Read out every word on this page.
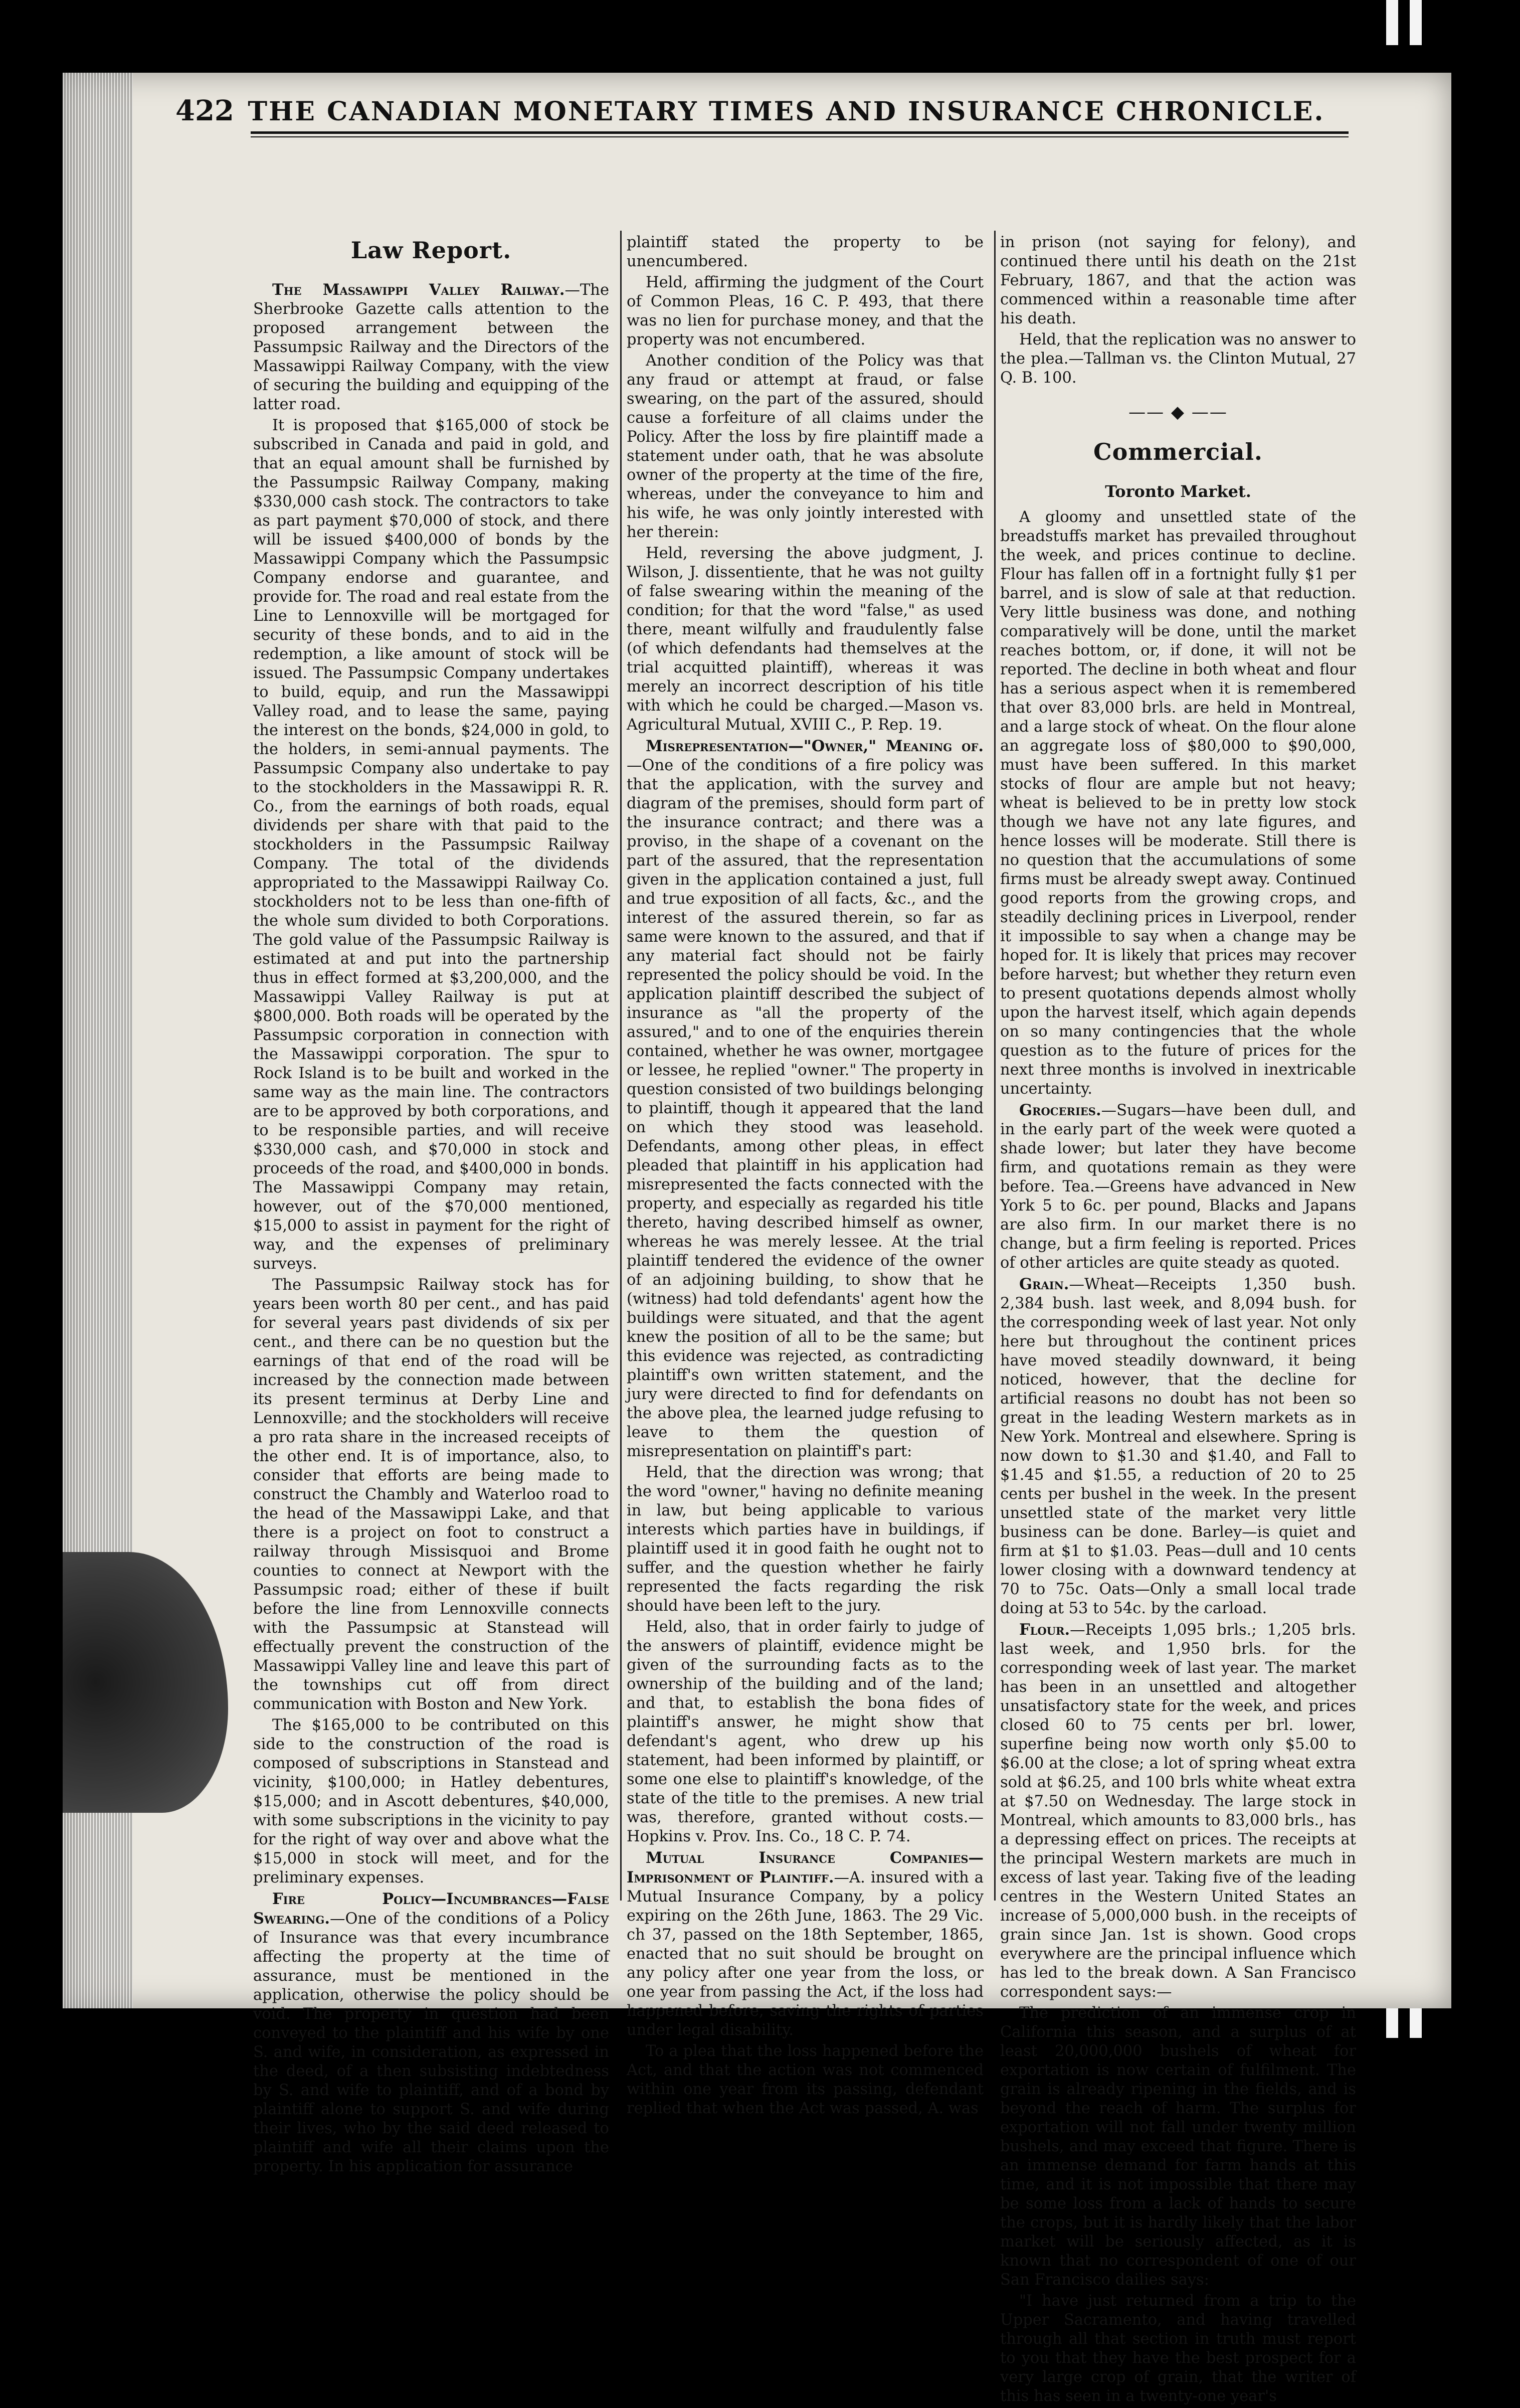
422 THE CANADIAN MONETARY TIMES AND INSURANCE CHRONICLE.
Law Report.

The Massawippi Valley Railway.—The Sherbrooke Gazette calls attention to the proposed arrangement between the Passumpsic Railway and the Directors of the Massawippi Railway Company, with the view of securing the building and equipping of the latter road.

It is proposed that $165,000 of stock be subscribed in Canada and paid in gold, and that an equal amount shall be furnished by the Passumpsic Railway Company, making $330,000 cash stock. The contractors to take as part payment $70,000 of stock, and there will be issued $400,000 of bonds by the Massawippi Company which the Passumpsic Company endorse and guarantee, and provide for. The road and real estate from the Line to Lennoxville will be mortgaged for security of these bonds, and to aid in the redemption, a like amount of stock will be issued. The Passumpsic Company undertakes to build, equip, and run the Massawippi Valley road, and to lease the same, paying the interest on the bonds, $24,000 in gold, to the holders, in semi-annual payments. The Passumpsic Company also undertake to pay to the stockholders in the Massawippi R. R. Co., from the earnings of both roads, equal dividends per share with that paid to the stockholders in the Passumpsic Railway Company. The total of the dividends appropriated to the Massawippi Railway Co. stockholders not to be less than one-fifth of the whole sum divided to both Corporations. The gold value of the Passumpsic Railway is estimated at and put into the partnership thus in effect formed at $3,200,000, and the Massawippi Valley Railway is put at $800,000. Both roads will be operated by the Passumpsic corporation in connection with the Massawippi corporation. The spur to Rock Island is to be built and worked in the same way as the main line. The contractors are to be approved by both corporations, and to be responsible parties, and will receive $330,000 cash, and $70,000 in stock and proceeds of the road, and $400,000 in bonds. The Massawippi Company may retain, however, out of the $70,000 mentioned, $15,000 to assist in payment for the right of way, and the expenses of preliminary surveys.

The Passumpsic Railway stock has for years been worth 80 per cent., and has paid for several years past dividends of six per cent., and there can be no question but the earnings of that end of the road will be increased by the connection made between its present terminus at Derby Line and Lennoxville; and the stockholders will receive a pro rata share in the increased receipts of the other end. It is of importance, also, to consider that efforts are being made to construct the Chambly and Waterloo road to the head of the Massawippi Lake, and that there is a project on foot to construct a railway through Missisquoi and Brome counties to connect at Newport with the Passumpsic road; either of these if built before the line from Lennoxville connects with the Passumpsic at Stanstead will effectually prevent the construction of the Massawippi Valley line and leave this part of the townships cut off from direct communication with Boston and New York.

The $165,000 to be contributed on this side to the construction of the road is composed of subscriptions in Stanstead and vicinity, $100,000; in Hatley debentures, $15,000; and in Ascott debentures, $40,000, with some subscriptions in the vicinity to pay for the right of way over and above what the $15,000 in stock will meet, and for the preliminary expenses.

Fire Policy—Incumbrances—False Swearing.—One of the conditions of a Policy of Insurance was that every incumbrance affecting the property at the time of assurance, must be mentioned in the application, otherwise the policy should be void. The property in question had been conveyed to the plaintiff and his wife by one S. and wife, in consideration, as expressed in the deed, of a then subsisting indebtedness by S. and wife to plaintiff, and of a bond by plaintiff alone to support S. and wife during their lives, who by the said deed released to plaintiff and wife all their claims upon the property. In his application for assurance

plaintiff stated the property to be unencumbered.

Held, affirming the judgment of the Court of Common Pleas, 16 C. P. 493, that there was no lien for purchase money, and that the property was not encumbered.

Another condition of the Policy was that any fraud or attempt at fraud, or false swearing, on the part of the assured, should cause a forfeiture of all claims under the Policy. After the loss by fire plaintiff made a statement under oath, that he was absolute owner of the property at the time of the fire, whereas, under the conveyance to him and his wife, he was only jointly interested with her therein:

Held, reversing the above judgment, J. Wilson, J. dissentiente, that he was not guilty of false swearing within the meaning of the condition; for that the word "false," as used there, meant wilfully and fraudulently false (of which defendants had themselves at the trial acquitted plaintiff), whereas it was merely an incorrect description of his title with which he could be charged.—Mason vs. Agricultural Mutual, XVIII C., P. Rep. 19.

Misrepresentation—"Owner," Meaning of.—One of the conditions of a fire policy was that the application, with the survey and diagram of the premises, should form part of the insurance contract; and there was a proviso, in the shape of a covenant on the part of the assured, that the representation given in the application contained a just, full and true exposition of all facts, &c., and the interest of the assured therein, so far as same were known to the assured, and that if any material fact should not be fairly represented the policy should be void. In the application plaintiff described the subject of insurance as "all the property of the assured," and to one of the enquiries therein contained, whether he was owner, mortgagee or lessee, he replied "owner." The property in question consisted of two buildings belonging to plaintiff, though it appeared that the land on which they stood was leasehold. Defendants, among other pleas, in effect pleaded that plaintiff in his application had misrepresented the facts connected with the property, and especially as regarded his title thereto, having described himself as owner, whereas he was merely lessee. At the trial plaintiff tendered the evidence of the owner of an adjoining building, to show that he (witness) had told defendants' agent how the buildings were situated, and that the agent knew the position of all to be the same; but this evidence was rejected, as contradicting plaintiff's own written statement, and the jury were directed to find for defendants on the above plea, the learned judge refusing to leave to them the question of misrepresentation on plaintiff's part:

Held, that the direction was wrong; that the word "owner," having no definite meaning in law, but being applicable to various interests which parties have in buildings, if plaintiff used it in good faith he ought not to suffer, and the question whether he fairly represented the facts regarding the risk should have been left to the jury.

Held, also, that in order fairly to judge of the answers of plaintiff, evidence might be given of the surrounding facts as to the ownership of the building and of the land; and that, to establish the bona fides of plaintiff's answer, he might show that defendant's agent, who drew up his statement, had been informed by plaintiff, or some one else to plaintiff's knowledge, of the state of the title to the premises. A new trial was, therefore, granted without costs.—Hopkins v. Prov. Ins. Co., 18 C. P. 74.

Mutual Insurance Companies—Imprisonment of Plaintiff.—A. insured with a Mutual Insurance Company, by a policy expiring on the 26th June, 1863. The 29 Vic. ch 37, passed on the 18th September, 1865, enacted that no suit should be brought on any policy after one year from the loss, or one year from passing the Act, if the loss had happened before, saving the rights of parties under legal disability.

To a plea that the loss happened before the Act, and that the action was not commenced within one year from its passing, defendant replied that when the Act was passed, A. was

in prison (not saying for felony), and continued there until his death on the 21st February, 1867, and that the action was commenced within a reasonable time after his death.

Held, that the replication was no answer to the plea.—Tallman vs. the Clinton Mutual, 27 Q. B. 100.

—— ◆ ——
Commercial.
Toronto Market.

A gloomy and unsettled state of the breadstuffs market has prevailed throughout the week, and prices continue to decline. Flour has fallen off in a fortnight fully $1 per barrel, and is slow of sale at that reduction. Very little business was done, and nothing comparatively will be done, until the market reaches bottom, or, if done, it will not be reported. The decline in both wheat and flour has a serious aspect when it is remembered that over 83,000 brls. are held in Montreal, and a large stock of wheat. On the flour alone an aggregate loss of $80,000 to $90,000, must have been suffered. In this market stocks of flour are ample but not heavy; wheat is believed to be in pretty low stock though we have not any late figures, and hence losses will be moderate. Still there is no question that the accumulations of some firms must be already swept away. Continued good reports from the growing crops, and steadily declining prices in Liverpool, render it impossible to say when a change may be hoped for. It is likely that prices may recover before harvest; but whether they return even to present quotations depends almost wholly upon the harvest itself, which again depends on so many contingencies that the whole question as to the future of prices for the next three months is involved in inextricable uncertainty.

Groceries.—Sugars—have been dull, and in the early part of the week were quoted a shade lower; but later they have become firm, and quotations remain as they were before. Tea.—Greens have advanced in New York 5 to 6c. per pound, Blacks and Japans are also firm. In our market there is no change, but a firm feeling is reported. Prices of other articles are quite steady as quoted.

Grain.—Wheat—Receipts 1,350 bush. 2,384 bush. last week, and 8,094 bush. for the corresponding week of last year. Not only here but throughout the continent prices have moved steadily downward, it being noticed, however, that the decline for artificial reasons no doubt has not been so great in the leading Western markets as in New York. Montreal and elsewhere. Spring is now down to $1.30 and $1.40, and Fall to $1.45 and $1.55, a reduction of 20 to 25 cents per bushel in the week. In the present unsettled state of the market very little business can be done. Barley—is quiet and firm at $1 to $1.03. Peas—dull and 10 cents lower closing with a downward tendency at 70 to 75c. Oats—Only a small local trade doing at 53 to 54c. by the carload.

Flour.—Receipts 1,095 brls.; 1,205 brls. last week, and 1,950 brls. for the corresponding week of last year. The market has been in an unsettled and altogether unsatisfactory state for the week, and prices closed 60 to 75 cents per brl. lower, superfine being now worth only $5.00 to $6.00 at the close; a lot of spring wheat extra sold at $6.25, and 100 brls white wheat extra at $7.50 on Wednesday. The large stock in Montreal, which amounts to 83,000 brls., has a depressing effect on prices. The receipts at the principal Western markets are much in excess of last year. Taking five of the leading centres in the Western United States an increase of 5,000,000 bush. in the receipts of grain since Jan. 1st is shown. Good crops everywhere are the principal influence which has led to the break down. A San Francisco correspondent says:—

The prediction of an immense crop in California this season, and a surplus of at least 20,000,000 bushels of wheat for exportation is now certain of fulfilment. The grain is already ripening in the fields, and is beyond the reach of harm. The surplus for exportation will not fall under twenty million bushels, and may exceed that figure. There is an immense demand for farm hands at this time, and it is not impossible that there may be some loss from a lack of hands to secure the crops, but it is hardly likely that the labor market will be seriously affected, as it is known that no correspondent of one of our San Francisco dailies says:

"I have just returned from a trip to the Upper Sacramento, and having travelled through all that section in truth must report to you that they have the best prospect for a very large crop of grain, that the writer of this has seen in a twenty-one year's
